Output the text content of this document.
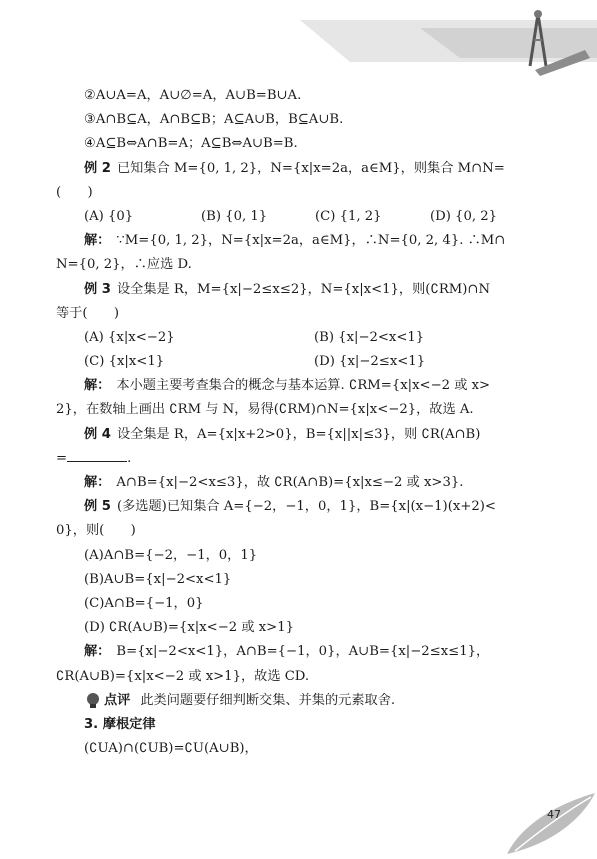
②A∪A=A，A∪∅=A，A∪B=B∪A.
③A∩B⊆A，A∩B⊆B；A⊆A∪B，B⊆A∪B.
④A⊆B⇔A∩B=A；A⊆B⇔A∪B=B.
例 2 已知集合 M={0, 1, 2}，N={x|x=2a，a∈M}，则集合 M∩N=
(　　)
(A) {0}	(B) {0, 1}	(C) {1, 2}	(D) {0, 2}
解： ∵M={0, 1, 2}，N={x|x=2a，a∈M}，∴N={0, 2, 4}. ∴M∩
N={0, 2}，∴应选 D.
例 3 设全集是 R，M={x|−2≤x≤2}，N={x|x<1}，则(∁RM)∩N
等于(　　)
(A) {x|x<−2}	(B) {x|−2<x<1}
(C) {x|x<1}	(D) {x|−2≤x<1}
解： 本小题主要考查集合的概念与基本运算. ∁RM={x|x<−2 或 x>
2}，在数轴上画出 ∁RM 与 N，易得(∁RM)∩N={x|x<−2}，故选 A.
例 4 设全集是 R，A={x|x+2>0}，B={x||x|≤3}，则 ∁R(A∩B)
=	.
解： A∩B={x|−2<x≤3}，故 ∁R(A∩B)={x|x≤−2 或 x>3}.
例 5 (多选题)已知集合 A={−2，−1，0，1}，B={x|(x−1)(x+2)<
0}，则(　　)
(A)A∩B={−2，−1，0，1}
(B)A∪B={x|−2<x<1}
(C)A∩B={−1，0}
(D) ∁R(A∪B)={x|x<−2 或 x>1}
解： B={x|−2<x<1}，A∩B={−1，0}，A∪B={x|−2≤x≤1}，
∁R(A∪B)={x|x<−2 或 x>1}，故选 CD.
点评 此类问题要仔细判断交集、并集的元素取舍.
3. 摩根定律
(∁UA)∩(∁UB)=∁U(A∪B)，
47
